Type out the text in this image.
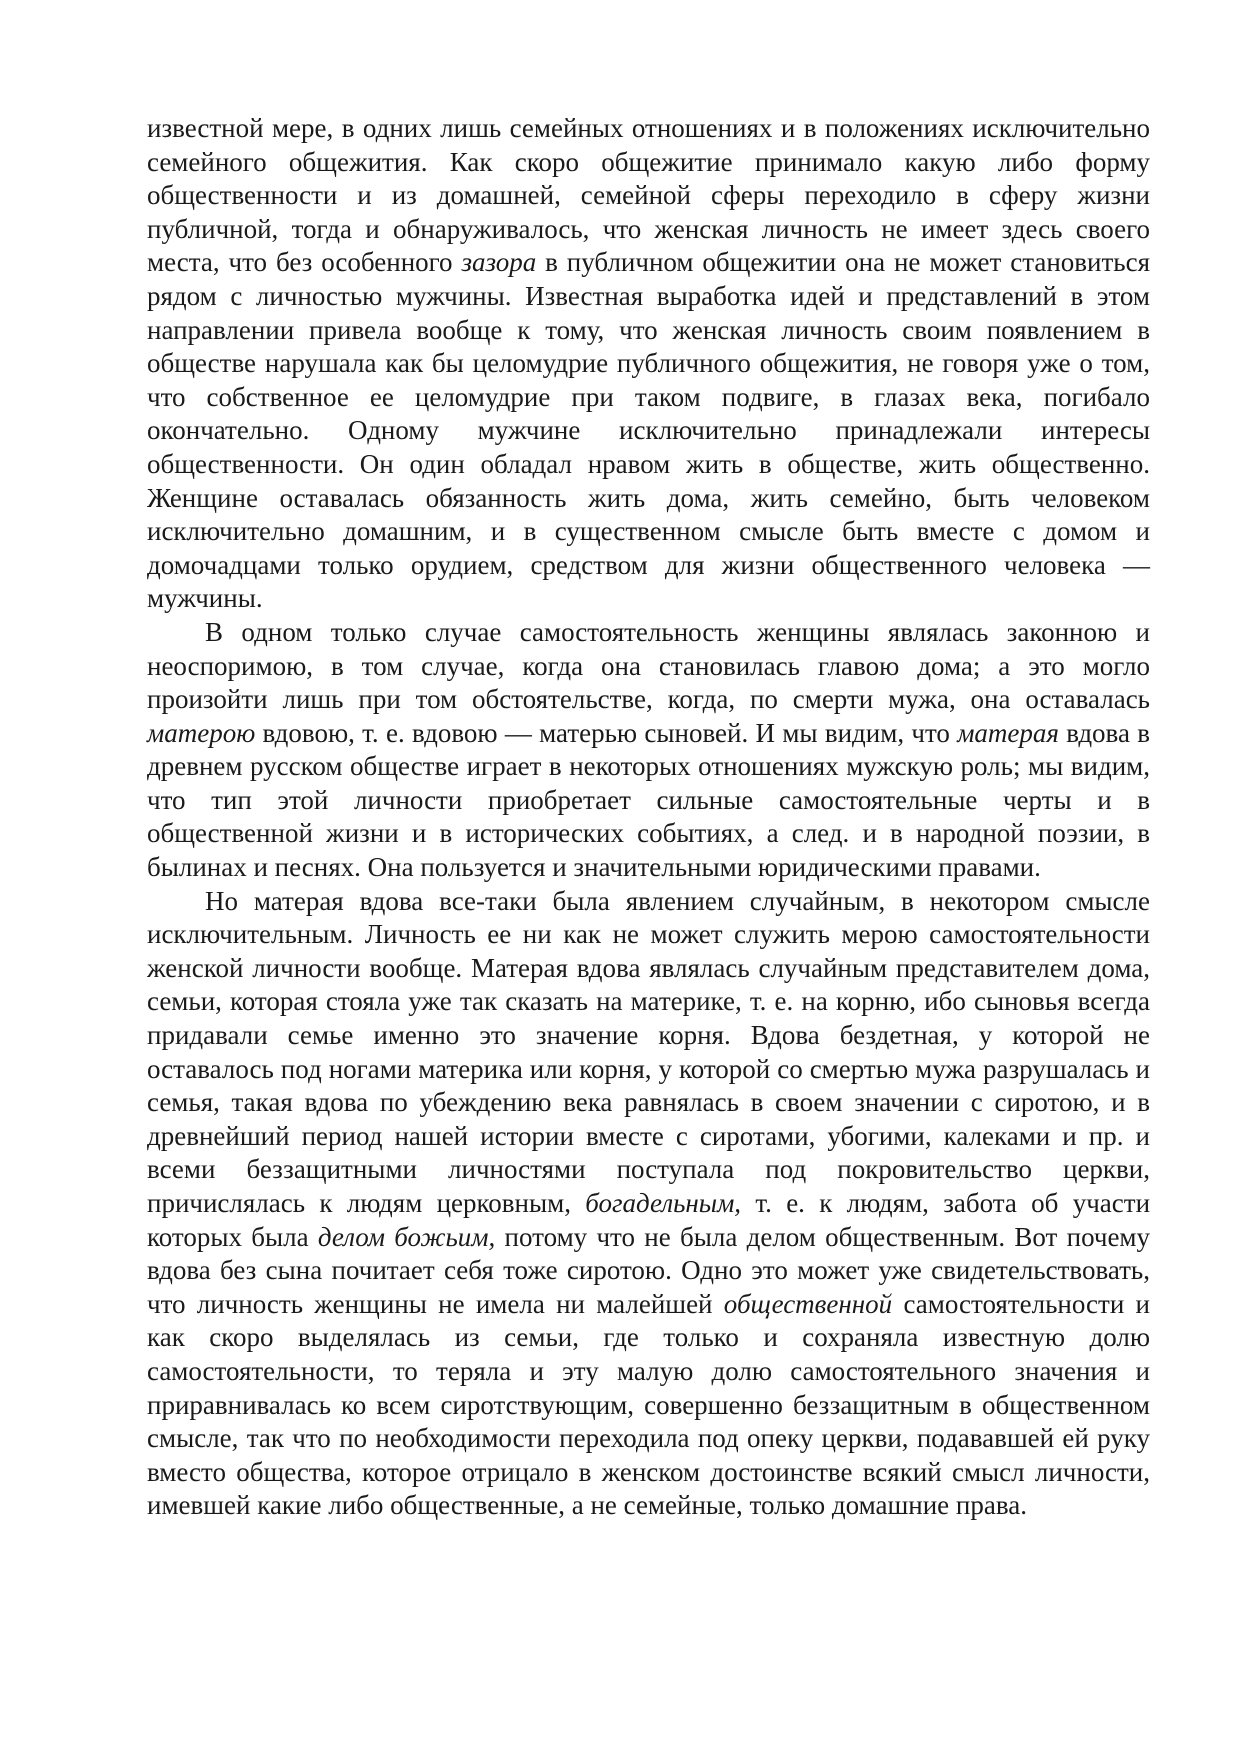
известной мере, в одних лишь семейных отношениях и в положениях исключительно семейного общежития. Как скоро общежитие принимало какую либо форму общественности и из домашней, семейной сферы переходило в сферу жизни публичной, тогда и обнаруживалось, что женская личность не имеет здесь своего места, что без особенного зазора в публичном общежитии она не может становиться рядом с личностью мужчины. Известная выработка идей и представлений в этом направлении привела вообще к тому, что женская личность своим появлением в обществе нарушала как бы целомудрие публичного общежития, не говоря уже о том, что собственное ее целомудрие при таком подвиге, в глазах века, погибало окончательно. Одному мужчине исключительно принадлежали интересы общественности. Он один обладал нравом жить в обществе, жить общественно. Женщине оставалась обязанность жить дома, жить семейно, быть человеком исключительно домашним, и в существенном смысле быть вместе с домом и домочадцами только орудием, средством для жизни общественного человека — мужчины.

В одном только случае самостоятельность женщины являлась законною и неоспоримою, в том случае, когда она становилась главою дома; а это могло произойти лишь при том обстоятельстве, когда, по смерти мужа, она оставалась матерою вдовою, т. е. вдовою — матерью сыновей. И мы видим, что матерая вдова в древнем русском обществе играет в некоторых отношениях мужскую роль; мы видим, что тип этой личности приобретает сильные самостоятельные черты и в общественной жизни и в исторических событиях, а след. и в народной поэзии, в былинах и песнях. Она пользуется и значительными юридическими правами.

Но матерая вдова все-таки была явлением случайным, в некотором смысле исключительным. Личность ее ни как не может служить мерою самостоятельности женской личности вообще. Матерая вдова являлась случайным представителем дома, семьи, которая стояла уже так сказать на материке, т. е. на корню, ибо сыновья всегда придавали семье именно это значение корня. Вдова бездетная, у которой не оставалось под ногами материка или корня, у которой со смертью мужа разрушалась и семья, такая вдова по убеждению века равнялась в своем значении с сиротою, и в древнейший период нашей истории вместе с сиротами, убогими, калеками и пр. и всеми беззащитными личностями поступала под покровительство церкви, причислялась к людям церковным, богадельным, т. е. к людям, забота об участи которых была делом божьим, потому что не была делом общественным. Вот почему вдова без сына почитает себя тоже сиротою. Одно это может уже свидетельствовать, что личность женщины не имела ни малейшей общественной самостоятельности и как скоро выделялась из семьи, где только и сохраняла известную долю самостоятельности, то теряла и эту малую долю самостоятельного значения и приравнивалась ко всем сиротствующим, совершенно беззащитным в общественном смысле, так что по необходимости переходила под опеку церкви, подававшей ей руку вместо общества, которое отрицало в женском достоинстве всякий смысл личности, имевшей какие либо общественные, а не семейные, только домашние права.
